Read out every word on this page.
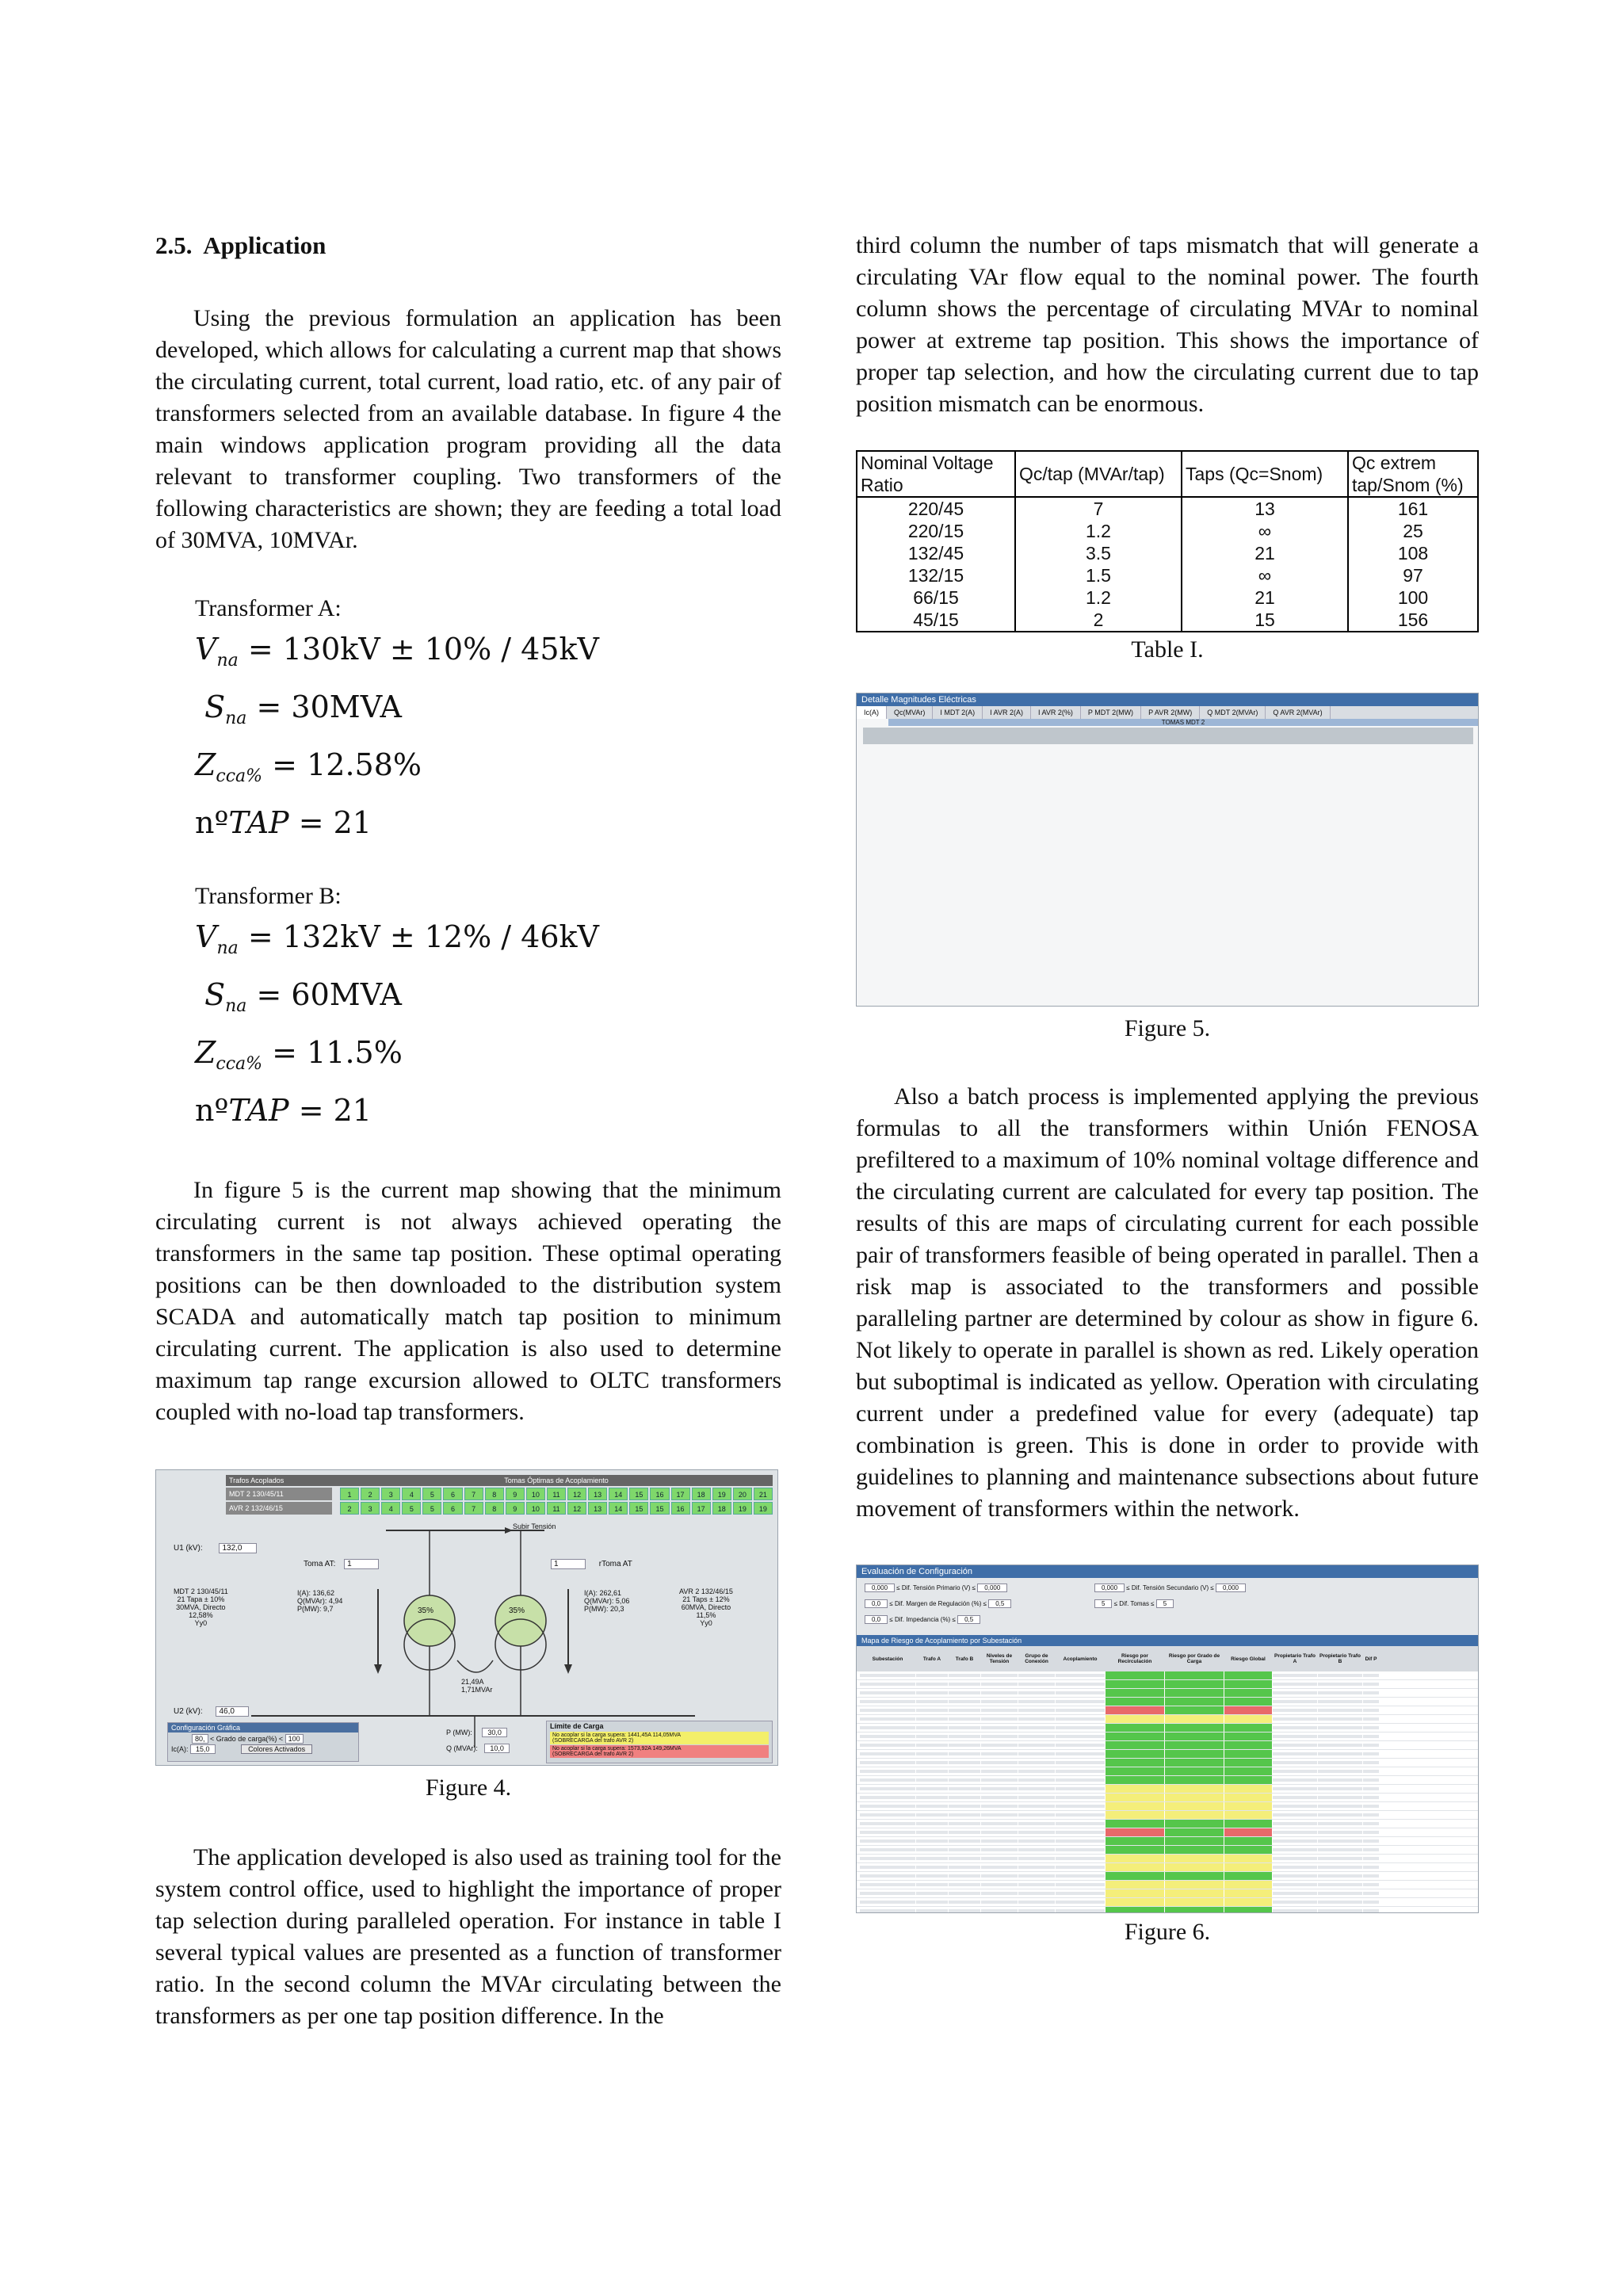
2.5. Application

Using the previous formulation an application has been developed, which allows for calculating a current map that shows the circulating current, total current, load ratio, etc. of any pair of transformers selected from an available database. In figure 4 the main windows application program providing all the data relevant to transformer coupling. Two transformers of the following characteristics are shown; they are feeding a total load of 30MVA, 10MVAr.

Transformer A:
$V_{na} = 130kV \pm 10\% / 45kV$
$S_{na} = 30MVA$
$Z_{cca\%} = 12.58\%$
nºTAP = 21
Transformer B:
$V_{na} = 132kV \pm 12\% / 46kV$
$S_{na} = 60MVA$
$Z_{cca\%} = 11.5\%$
nºTAP = 21

In figure 5 is the current map showing that the minimum circulating current is not always achieved operating the transformers in the same tap position. These optimal operating positions can be then downloaded to the distribution system SCADA and automatically match tap position to minimum circulating current. The application is also used to determine maximum tap range excursion allowed to OLTC transformers coupled with no-load tap transformers.

Trafos Acoplados	Tomas Óptimas de Acoplamiento
MDT 2 130/45/11	1	2	3	4	5	6	7	8	9	10	11	12	13	14	15	16	17	18	19	20	21
AVR 2 132/46/15	2	3	4	5	5	6	7	8	9	10	11	12	13	14	15	15	16	17	18	19	19
U1 (kV): 132,0
Toma AT: 1	1	rToma AT
Subir Tensión
35%	35%
21,49A
1,71MVAr
MDT 2 130/45/11
21 Tapa ± 10%
30MVA, Directo
12,58%
Yy0
I(A): 136,62
Q(MVAr): 4,94
P(MW): 9,7
I(A): 262,61
Q(MVAr): 5,06
P(MW): 20,3
AVR 2 132/46/15
21 Taps ± 12%
60MVA, Directo
11,5%
Yy0
U2 (kV): 46,0
Configuración Gráfica
80, < Grado de carga(%) < 100
Ic(A): 15,0	Colores Activados
P (MW): 30,0
Q (MVAr): 10,0
Límite de Carga
No acoplar si la carga supera: 1441,45A 114,05MVA
(SOBRECARGA del trafo AVR 2)
No acoplar si la carga supera: 1573,92A 149,26MVA
(SOBRECARGA del trafo AVR 2)
Figure 4.

The application developed is also used as training tool for the system control office, used to highlight the importance of proper tap selection during paralleled operation. For instance in table I several typical values are presented as a function of transformer ratio. In the second column the MVAr circulating between the transformers as per one tap position difference. In the

third column the number of taps mismatch that will generate a circulating VAr flow equal to the nominal power. The fourth column shows the percentage of circulating MVAr to nominal power at extreme tap position. This shows the importance of proper tap selection, and how the circulating current due to tap position mismatch can be enormous.

Nominal Voltage Ratio	Qc/tap (MVAr/tap)	Taps (Qc=Snom)	Qc extrem tap/Snom (%)
220/45	7	13	161
220/15	1.2	∞	25
132/45	3.5	21	108
132/15	1.5	∞	97
66/15	1.2	21	100
45/15	2	15	156
Table I.
Detalle Magnitudes Eléctricas
Ic(A)	Qc(MVAr)	I MDT 2(A)	I AVR 2(A)	I AVR 2(%)	P MDT 2(MW)	P AVR 2(MW)	Q MDT 2(MVAr)	Q AVR 2(MVAr)
TOMAS MDT 2
Figure 5.

Also a batch process is implemented applying the previous formulas to all the transformers within Unión FENOSA prefiltered to a maximum of 10% nominal voltage difference and the circulating current are calculated for every tap position. The results of this are maps of circulating current for each possible pair of transformers feasible of being operated in parallel. Then a risk map is associated to the transformers and possible paralleling partner are determined by colour as show in figure 6. Not likely to operate in parallel is shown as red. Likely operation but suboptimal is indicated as yellow. Operation with circulating current under a predefined value for every (adequate) tap combination is green. This is done in order to provide with guidelines to planning and maintenance subsections about future movement of transformers within the network.

Evaluación de Configuración
0,000 ≤ Dif. Tensión Primario (V) ≤ 0,000	0,000 ≤ Dif. Tensión Secundario (V) ≤ 0,000
0,0 ≤ Dif. Margen de Regulación (%) ≤ 0,5	5 ≤ Dif. Tomas ≤ 5
0,0 ≤ Dif. Impedancia (%) ≤ 0,5
Mapa de Riesgo de Acoplamiento por Subestación
Subestación	Trafo A	Trafo B	Niveles de Tensión
Grupo de Conexión	Acoplamiento	Riesgo por Recirculación
Riesgo por Grado de Carga	Riesgo Global	Propietario Trafo A
Propietario Trafo B	Dif P
Figure 6.
